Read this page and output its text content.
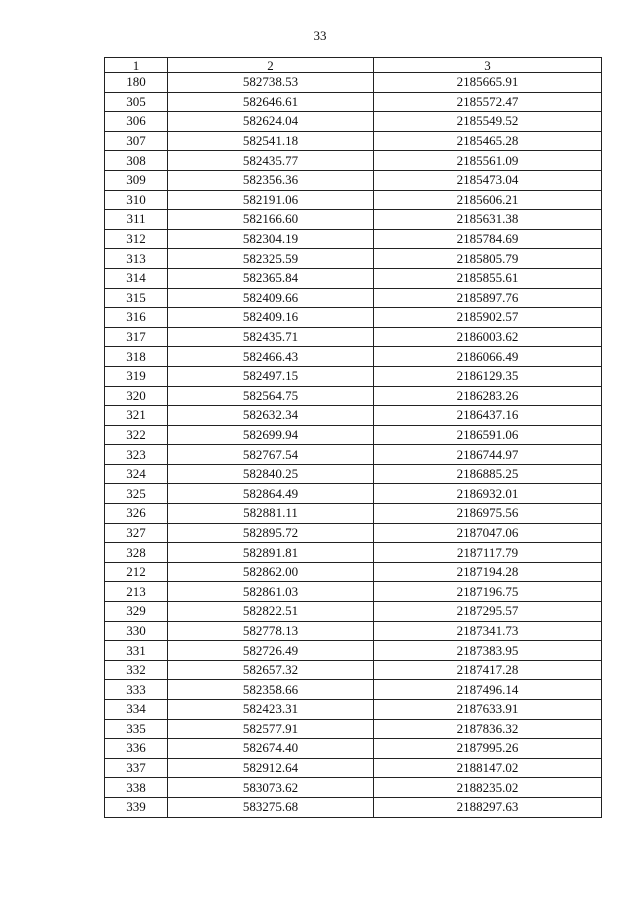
33
1	2	3
180	582738.53	2185665.91
305	582646.61	2185572.47
306	582624.04	2185549.52
307	582541.18	2185465.28
308	582435.77	2185561.09
309	582356.36	2185473.04
310	582191.06	2185606.21
311	582166.60	2185631.38
312	582304.19	2185784.69
313	582325.59	2185805.79
314	582365.84	2185855.61
315	582409.66	2185897.76
316	582409.16	2185902.57
317	582435.71	2186003.62
318	582466.43	2186066.49
319	582497.15	2186129.35
320	582564.75	2186283.26
321	582632.34	2186437.16
322	582699.94	2186591.06
323	582767.54	2186744.97
324	582840.25	2186885.25
325	582864.49	2186932.01
326	582881.11	2186975.56
327	582895.72	2187047.06
328	582891.81	2187117.79
212	582862.00	2187194.28
213	582861.03	2187196.75
329	582822.51	2187295.57
330	582778.13	2187341.73
331	582726.49	2187383.95
332	582657.32	2187417.28
333	582358.66	2187496.14
334	582423.31	2187633.91
335	582577.91	2187836.32
336	582674.40	2187995.26
337	582912.64	2188147.02
338	583073.62	2188235.02
339	583275.68	2188297.63
